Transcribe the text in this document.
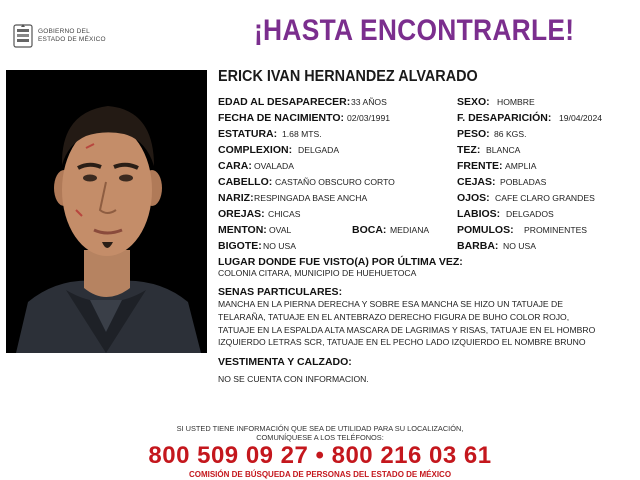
GOBIERNO DEL
ESTADO DE MÉXICO	¡HASTA ENCONTRARLE!
ERICK IVAN HERNANDEZ ALVARADO
EDAD AL DESAPARECER: 33 AÑOS	SEXO: HOMBRE
FECHA DE NACIMIENTO: 02/03/1991	F. DESAPARICIÓN: 19/04/2024
ESTATURA: 1.68 MTS.	PESO: 86 KGS.
COMPLEXION: DELGADA	TEZ: BLANCA
CARA: OVALADA	FRENTE: AMPLIA
CABELLO: CASTAÑO OBSCURO CORTO	CEJAS: POBLADAS
NARIZ: RESPINGADA BASE ANCHA	OJOS: CAFE CLARO GRANDES
OREJAS: CHICAS	LABIOS: DELGADOS
MENTON: OVAL	BOCA: MEDIANA	POMULOS: PROMINENTES
BIGOTE: NO USA	BARBA: NO USA
LUGAR DONDE FUE VISTO(A) POR ÚLTIMA VEZ:
COLONIA CITARA, MUNICIPIO DE HUEHUETOCA
SENAS PARTICULARES:
MANCHA EN LA PIERNA DERECHA Y SOBRE ESA MANCHA SE HIZO UN TATUAJE DE TELARAÑA, TATUAJE EN EL ANTEBRAZO DERECHO FIGURA DE BUHO COLOR ROJO, TATUAJE EN LA ESPALDA ALTA MASCARA DE LAGRIMAS Y RISAS, TATUAJE EN EL HOMBRO IZQUIERDO LETRAS SCR, TATUAJE EN EL PECHO LADO IZQUIERDO EL NOMBRE BRUNO
VESTIMENTA Y CALZADO:
NO SE CUENTA CON INFORMACION.
SI USTED TIENE INFORMACIÓN QUE SEA DE UTILIDAD PARA SU LOCALIZACIÓN,
COMUNÍQUESE A LOS TELÉFONOS:
800 509 09 27 • 800 216 03 61
COMISIÓN DE BÚSQUEDA DE PERSONAS DEL ESTADO DE MÉXICO
